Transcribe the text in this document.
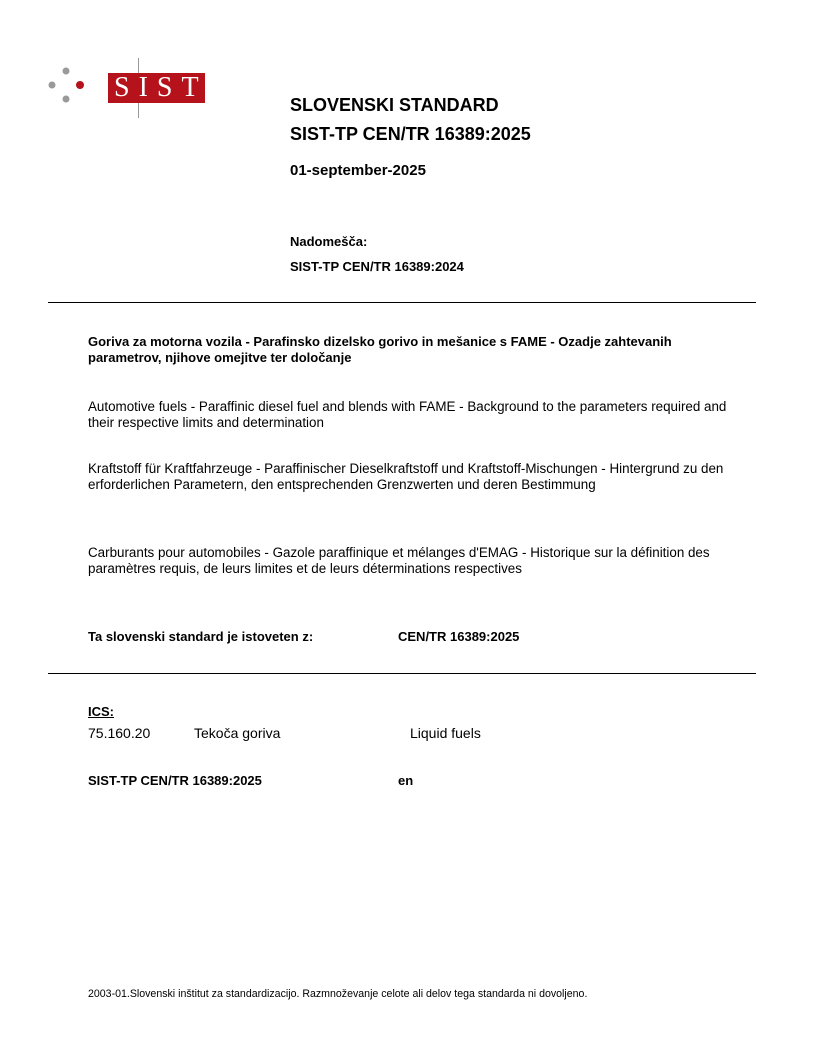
SIST
SLOVENSKI STANDARD
SIST-TP CEN/TR 16389:2025
01-september-2025
Nadomešča:
SIST-TP CEN/TR 16389:2024
Goriva za motorna vozila - Parafinsko dizelsko gorivo in mešanice s FAME - Ozadje zahtevanih parametrov, njihove omejitve ter določanje
Automotive fuels - Paraffinic diesel fuel and blends with FAME - Background to the parameters required and their respective limits and determination
Kraftstoff für Kraftfahrzeuge - Paraffinischer Dieselkraftstoff und Kraftstoff-Mischungen - Hintergrund zu den erforderlichen Parametern, den entsprechenden Grenzwerten und deren Bestimmung
Carburants pour automobiles - Gazole paraffinique et mélanges d'EMAG - Historique sur la définition des paramètres requis, de leurs limites et de leurs déterminations respectives
Ta slovenski standard je istoveten z:	CEN/TR 16389:2025
ICS:
75.160.20	Tekoča goriva	Liquid fuels
SIST-TP CEN/TR 16389:2025	en
2003-01.Slovenski inštitut za standardizacijo. Razmnoževanje celote ali delov tega standarda ni dovoljeno.
